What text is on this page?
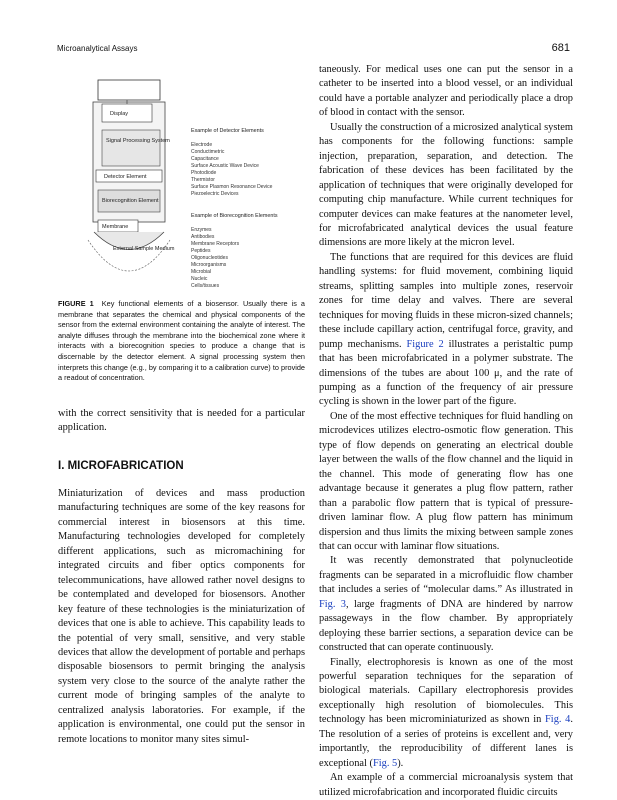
Microanalytical Assays	681
Display
Signal Processing System
Detector Element
Biorecognition Element
Membrane
External Sample Medium
Example of Detector Elements
Electrode
Conductimetric
Capacitance
Surface Acoustic Wave Device
Photodiode
Thermistor
Surface Plasmon Resonance Device
Piezoelectric Devices
Example of Biorecognition Elements
Enzymes
Antibodies
Membrane Receptors
Peptides
Oligonucleotides
Microorganisms
Microbial
Nucleic
Cells/tissues
FIGURE 1 Key functional elements of a biosensor. Usually there is a membrane that separates the chemical and physical components of the sensor from the external environment containing the analyte of interest. The analyte diffuses through the membrane into the biochemical zone where it interacts with a biorecognition species to produce a change that is discernable by the detector element. A signal processing system then interprets this change (e.g., by comparing it to a calibration curve) to provide a readout of concentration.

with the correct sensitivity that is needed for a particular application.

I. MICROFABRICATION

Miniaturization of devices and mass production manufacturing techniques are some of the key reasons for commercial interest in biosensors at this time. Manufacturing technologies developed for completely different applications, such as micromachining for integrated circuits and fiber optics components for telecommunications, have allowed rather novel designs to be contemplated and developed for biosensors. Another key feature of these technologies is the miniaturization of devices that one is able to achieve. This capability leads to the potential of very small, sensitive, and very stable devices that allow the development of portable and perhaps disposable biosensors to permit bringing the analysis system very close to the source of the analyte rather the current mode of bringing samples of the analyte to centralized analysis laboratories. For example, if the application is environmental, one could put the sensor in remote locations to monitor many sites simul-

taneously. For medical uses one can put the sensor in a catheter to be inserted into a blood vessel, or an individual could have a portable analyzer and periodically place a drop of blood in contact with the sensor.

Usually the construction of a microsized analytical system has components for the following functions: sample injection, preparation, separation, and detection. The fabrication of these devices has been facilitated by the application of techniques that were originally developed for computing chip manufacture. While current techniques for computer devices can make features at the nanometer level, for microfabricated analytical devices the usual feature dimensions are more likely at the micron level.

The functions that are required for this devices are fluid handling systems: for fluid movement, combining liquid streams, splitting samples into multiple zones, reservoir zones for time delay and valves. There are several techniques for moving fluids in these micron-sized channels; these include capillary action, centrifugal force, gravity, and pump mechanisms. Figure 2 illustrates a peristaltic pump that has been microfabricated in a polymer substrate. The dimensions of the tubes are about 100 μ, and the rate of pumping as a function of the frequency of air pressure cycling is shown in the lower part of the figure.

One of the most effective techniques for fluid handling on microdevices utilizes electro-osmotic flow generation. This type of flow depends on generating an electrical double layer between the walls of the flow channel and the liquid in the channel. This mode of generating flow has one advantage because it generates a plug flow pattern, rather than a parabolic flow pattern that is typical of pressure-driven laminar flow. A plug flow pattern has minimum dispersion and thus limits the mixing between sample zones that can occur with laminar flow situations.

It was recently demonstrated that polynucleotide fragments can be separated in a microfluidic flow chamber that includes a series of “molecular dams.” As illustrated in Fig. 3, large fragments of DNA are hindered by narrow passageways in the flow chamber. By appropriately deploying these barrier sections, a separation device can be constructed that can operate continuously.

Finally, electrophoresis is known as one of the most powerful separation techniques for the separation of biological materials. Capillary electrophoresis provides exceptionally high resolution of biomolecules. This technology has been microminiaturized as shown in Fig. 4. The resolution of a series of proteins is excellent and, very importantly, the reproducibility of different lanes is exceptional (Fig. 5).

An example of a commercial microanalysis system that utilized microfabrication and incorporated fluidic circuits
